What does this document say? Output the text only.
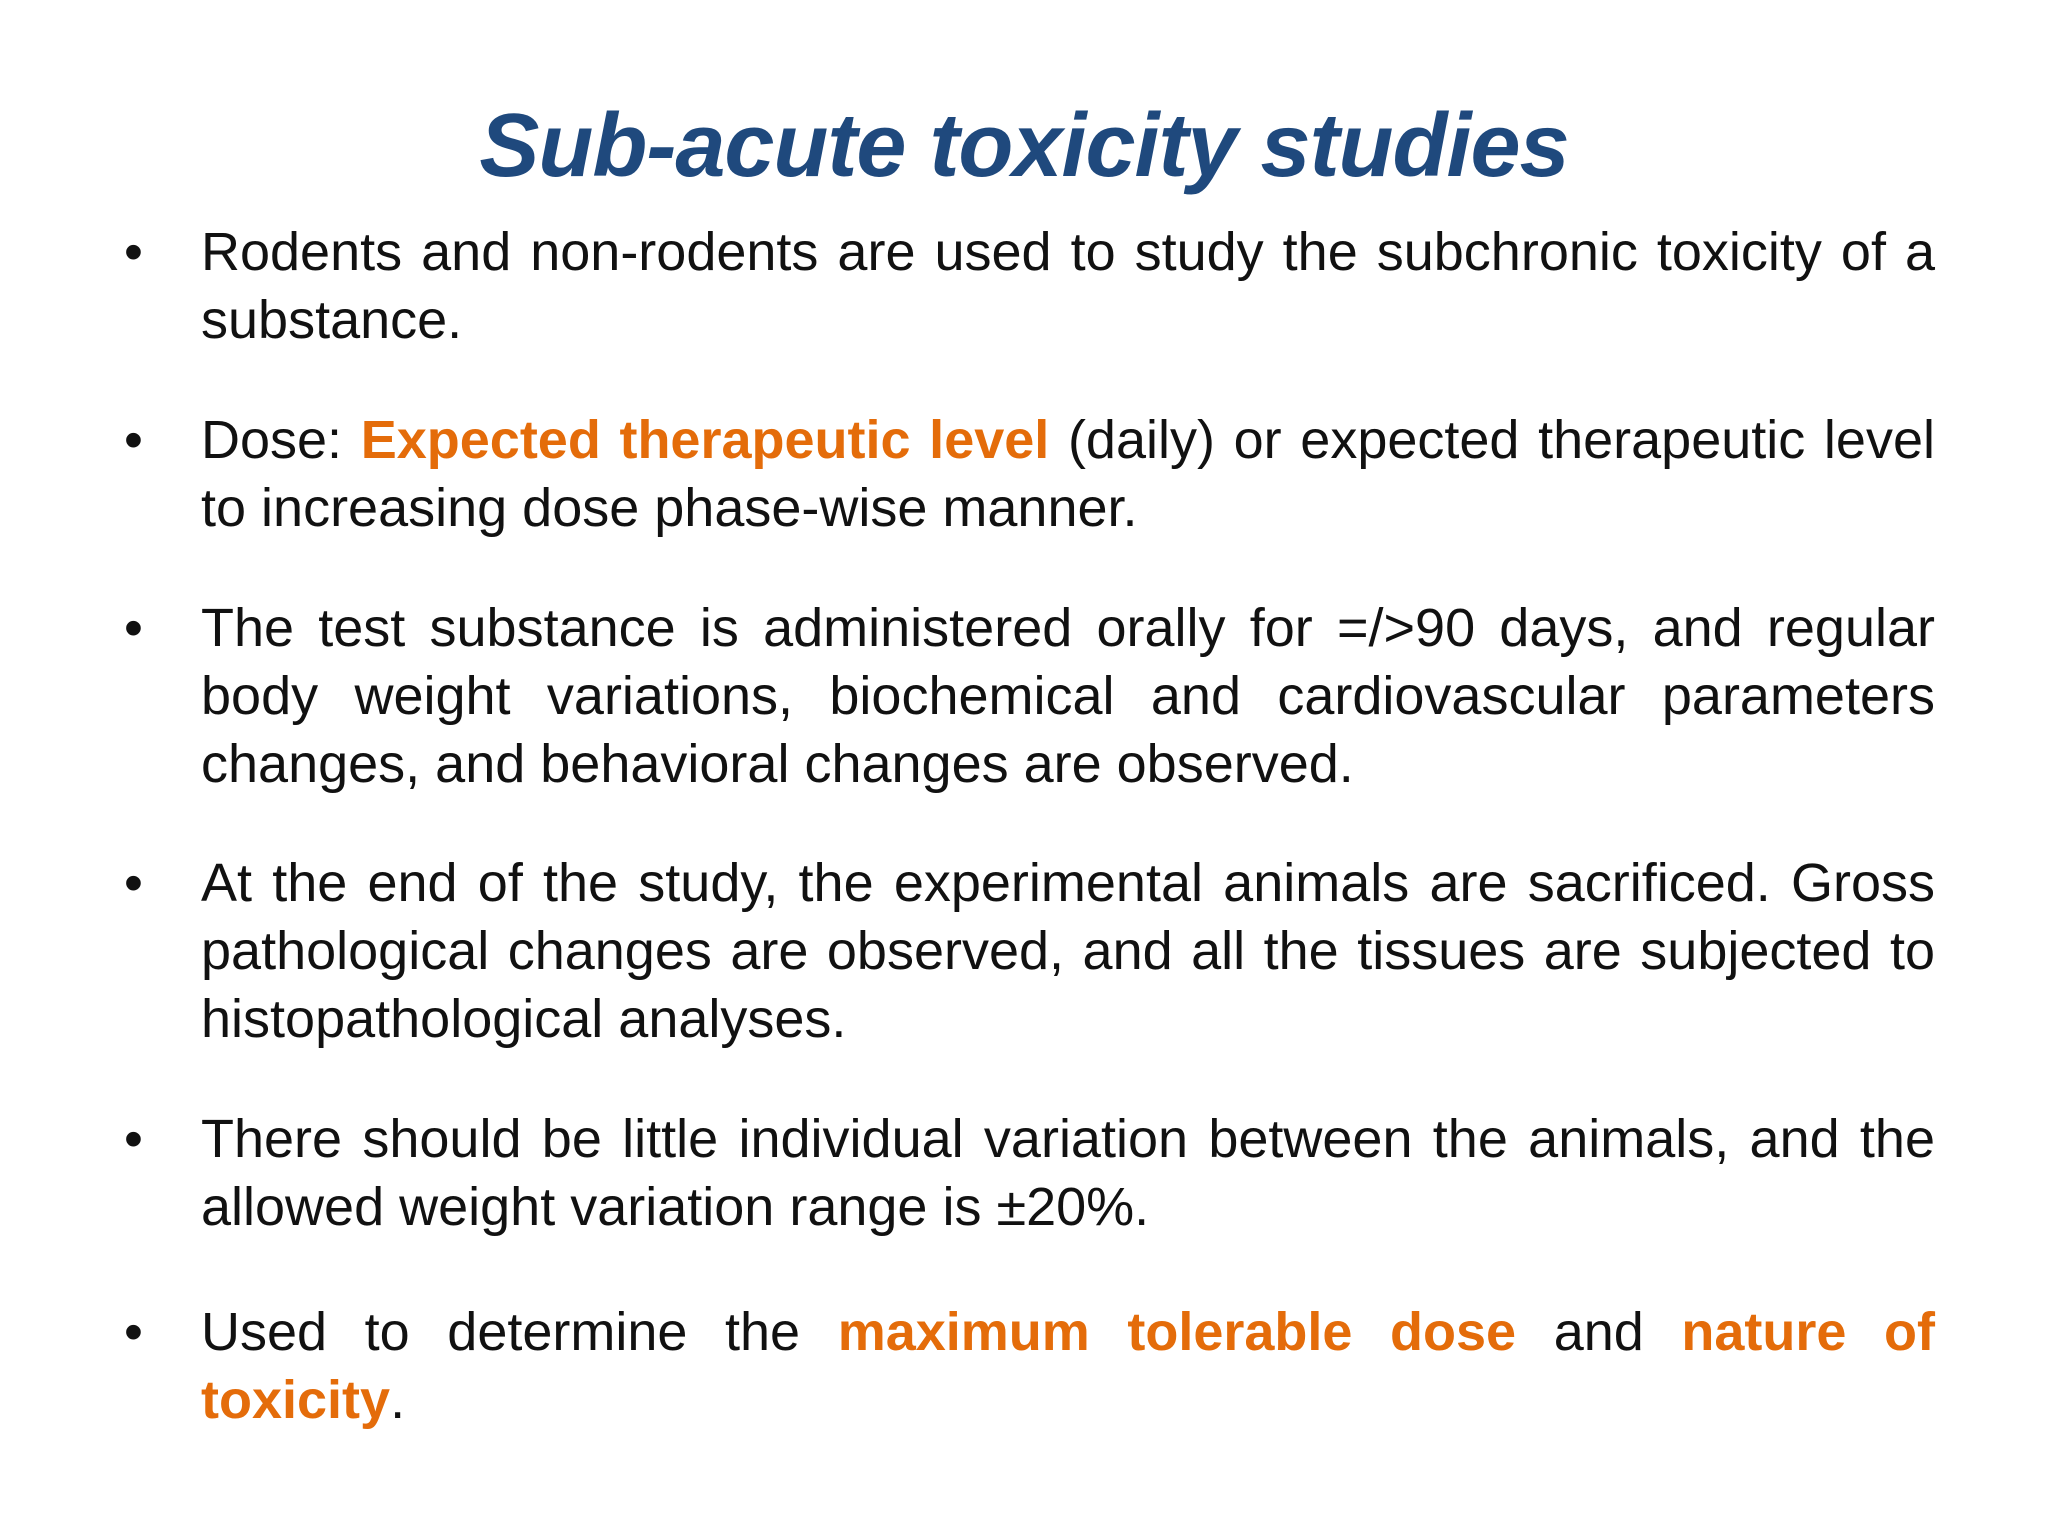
Sub-acute toxicity studies
•	Rodents and non-rodents are used to study the subchronic toxicity of a substance.
•	Dose: Expected therapeutic level (daily) or expected therapeutic level to increasing dose phase-wise manner.
•	The test substance is administered orally for =/>90 days, and regular body weight variations, biochemical and cardiovascular parameters changes, and behavioral changes are observed.
•	At the end of the study, the experimental animals are sacrificed. Gross pathological changes are observed, and all the tissues are subjected to histopathological analyses.
•	There should be little individual variation between the animals, and the allowed weight variation range is ±20%.
•	Used to determine the maximum tolerable dose and nature of toxicity.
